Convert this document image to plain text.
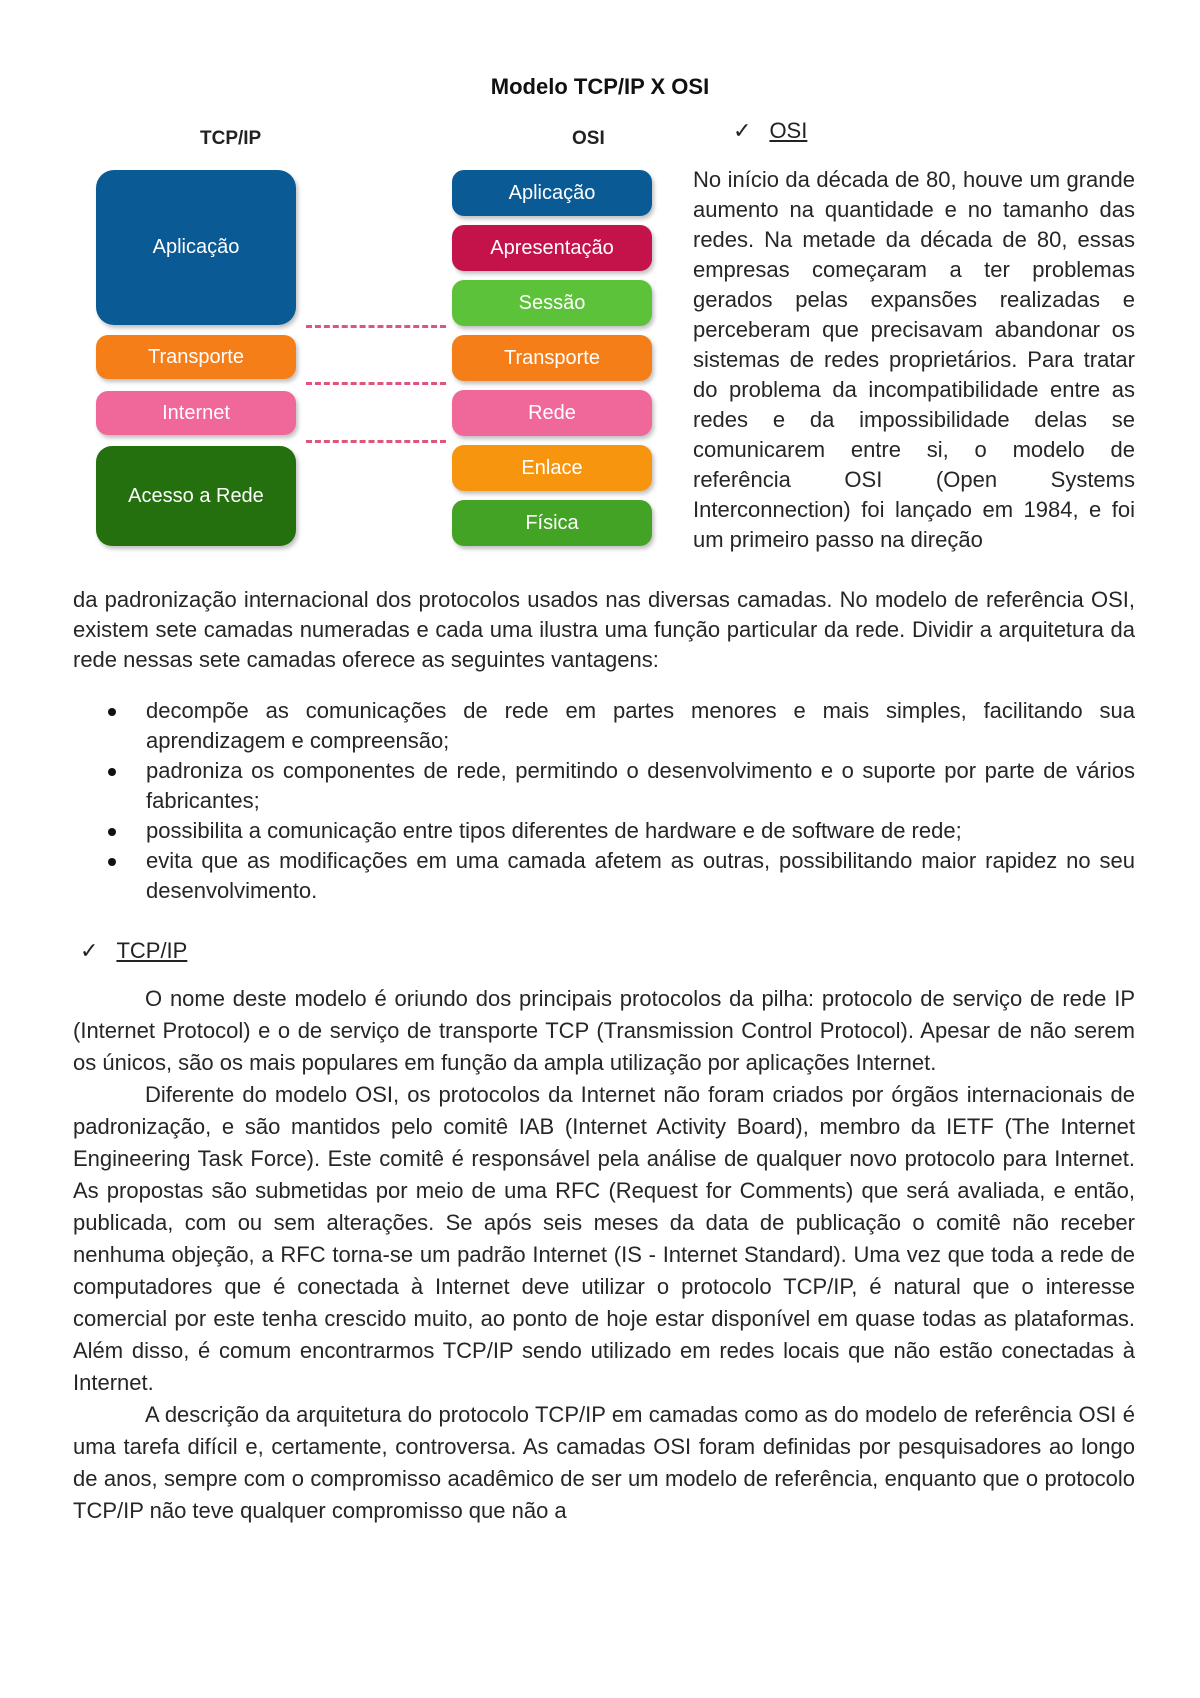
Modelo TCP/IP X OSI
TCP/IP	OSI
Aplicação
Transporte
Internet
Acesso a Rede
Aplicação
Apresentação
Sessão
Transporte
Rede
Enlace
Física
✓ OSI
No início da década de 80, houve um grande aumento na quantidade e no tamanho das redes. Na metade da década de 80, essas empresas começaram a ter problemas gerados pelas expansões realizadas e perceberam que precisavam abandonar os sistemas de redes proprietários. Para tratar do problema da incompatibilidade entre as redes e da impossibilidade delas se comunicarem entre si, o modelo de referência OSI (Open Systems Interconnection) foi lançado em 1984, e foi um primeiro passo na direção
da padronização internacional dos protocolos usados nas diversas camadas. No modelo de referência OSI, existem sete camadas numeradas e cada uma ilustra uma função particular da rede. Dividir a arquitetura da rede nessas sete camadas oferece as seguintes vantagens:
decompõe as comunicações de rede em partes menores e mais simples, facilitando sua aprendizagem e compreensão;
padroniza os componentes de rede, permitindo o desenvolvimento e o suporte por parte de vários fabricantes;
possibilita a comunicação entre tipos diferentes de hardware e de software de rede;
evita que as modificações em uma camada afetem as outras, possibilitando maior rapidez no seu desenvolvimento.
✓ TCP/IP

O nome deste modelo é oriundo dos principais protocolos da pilha: protocolo de serviço de rede IP (Internet Protocol) e o de serviço de transporte TCP (Transmission Control Protocol). Apesar de não serem os únicos, são os mais populares em função da ampla utilização por aplicações Internet.

Diferente do modelo OSI, os protocolos da Internet não foram criados por órgãos internacionais de padronização, e são mantidos pelo comitê IAB (Internet Activity Board), membro da IETF (The Internet Engineering Task Force). Este comitê é responsável pela análise de qualquer novo protocolo para Internet. As propostas são submetidas por meio de uma RFC (Request for Comments) que será avaliada, e então, publicada, com ou sem alterações. Se após seis meses da data de publicação o comitê não receber nenhuma objeção, a RFC torna-se um padrão Internet (IS - Internet Standard). Uma vez que toda a rede de computadores que é conectada à Internet deve utilizar o protocolo TCP/IP, é natural que o interesse comercial por este tenha crescido muito, ao ponto de hoje estar disponível em quase todas as plataformas. Além disso, é comum encontrarmos TCP/IP sendo utilizado em redes locais que não estão conectadas à Internet.

A descrição da arquitetura do protocolo TCP/IP em camadas como as do modelo de referência OSI é uma tarefa difícil e, certamente, controversa. As camadas OSI foram definidas por pesquisadores ao longo de anos, sempre com o compromisso acadêmico de ser um modelo de referência, enquanto que o protocolo TCP/IP não teve qualquer compromisso que não a
